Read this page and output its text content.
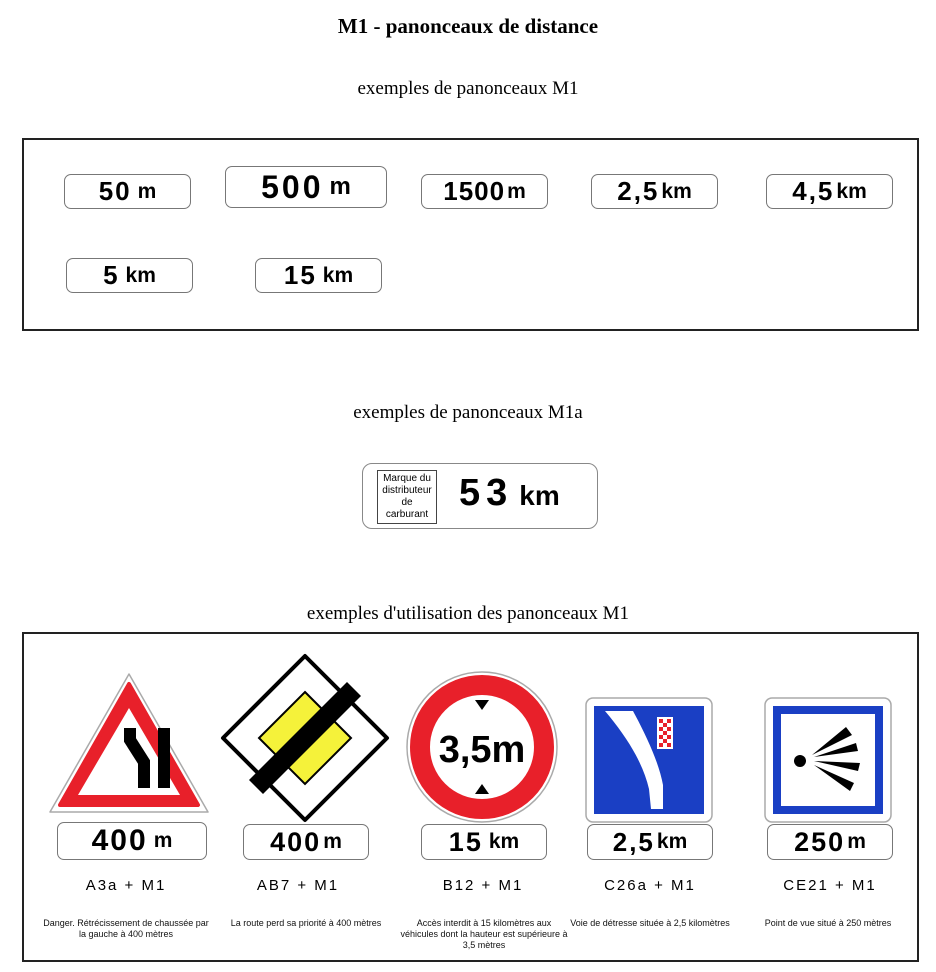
M1 - panonceaux de distance
exemples de panonceaux M1
50 m	500 m	1500 m	2,5 km	4,5 km
5 km	15 km
exemples de panonceaux M1a
Marque du distributeur de carburant
53 km
exemples d'utilisation des panonceaux M1
400 m
A3a + M1
Danger. Rétrécissement de chaussée par la gauche à 400 mètres
400 m
AB7 + M1
La route perd sa priorité à 400 mètres
3,5m
15 km
B12 + M1
Accès interdit à 15 kilomètres aux véhicules dont la hauteur est supérieure à 3,5 mètres
2,5 km
C26a + M1
Voie de détresse située à 2,5 kilomètres
250 m
CE21 + M1
Point de vue situé à 250 mètres
